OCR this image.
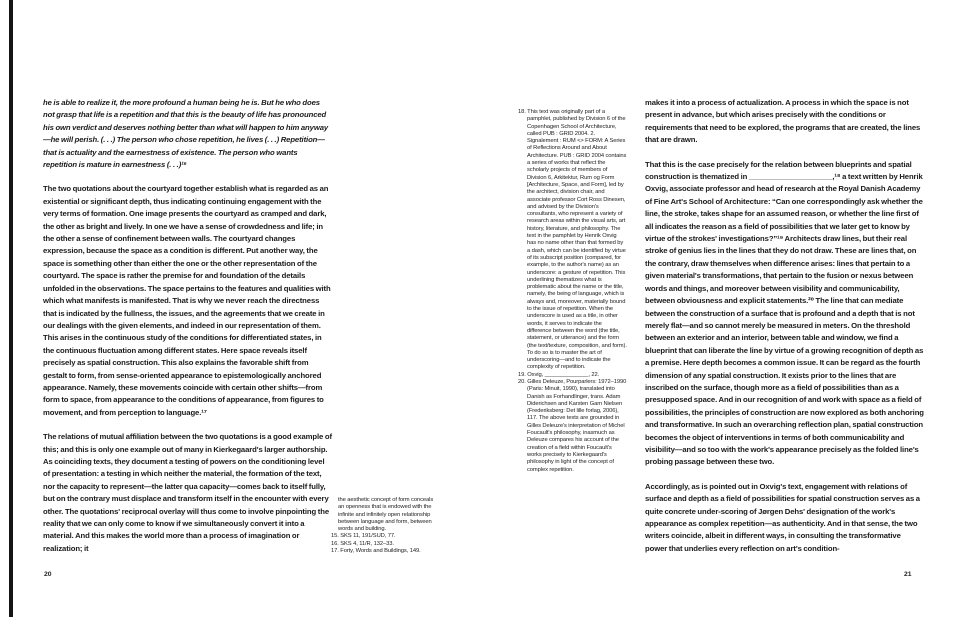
he is able to realize it, the more profound a human being he is. But he who does not grasp that life is a repetition and that this is the beauty of life has pronounced his own verdict and deserves nothing better than what will happen to him anyway—he will perish. (. . .) The person who chose repetition, he lives (. . .) Repetition—that is actuality and the earnestness of existence. The person who wants repetition is mature in earnestness (. . .)¹⁶

The two quotations about the courtyard together establish what is regarded as an existential or significant depth, thus indicating continuing engagement with the very terms of formation. One image presents the courtyard as cramped and dark, the other as bright and lively. In one we have a sense of crowdedness and life; in the other a sense of confinement between walls. The courtyard changes expression, because the space as a condition is different. Put another way, the space is something other than either the one or the other representation of the courtyard. The space is rather the premise for and foundation of the details unfolded in the observations. The space pertains to the features and qualities with which what manifests is manifested. That is why we never reach the directness that is indicated by the fullness, the issues, and the agreements that we create in our dealings with the given elements, and indeed in our representation of them. This arises in the continuous study of the conditions for differentiated states, in the continuous fluctuation among different states. Here space reveals itself precisely as spatial construction. This also explains the favorable shift from gestalt to form, from sense-oriented appearance to epistemologically anchored appearance. Namely, these movements coincide with certain other shifts—from form to space, from appearance to the conditions of appearance, from figures to movement, and from perception to language.¹⁷

The relations of mutual affiliation between the two quotations is a good example of this; and this is only one example out of many in Kierkegaard's larger authorship. As coinciding texts, they document a testing of powers on the conditioning level of presentation: a testing in which neither the material, the formation of the text, nor the capacity to represent—the latter qua capacity—comes back to itself fully, but on the contrary must displace and transform itself in the encounter with every other. The quotations' reciprocal overlay will thus come to involve pinpointing the reality that we can only come to know if we simultaneously convert it into a material. And this makes the world more than a process of imagination or realization; it

the aesthetic concept of form conceals an openness that is endowed with the infinite and infinitely open relationship between language and form, between words and building.

15. SKS 11, 191/SUD, 77.

16. SKS 4, 11/R, 132–33.

17. Forty, Words and Buildings, 149.

18. This text was originally part of a pamphlet, published by Division 6 of the Copenhagen School of Architecture, called PUB : GRID 2004. 2. Signalement : RUM <> FORM: A Series of Reflections Around and About Architecture. PUB : GRID 2004 contains a series of works that reflect the scholarly projects of members of Division 6, Arkitektur, Rum og Form [Architecture, Space, and Form], led by the architect, division chair, and associate professor Cort Ross Dinesen, and advised by the Division's consultants, who represent a variety of research areas within the visual arts, art history, literature, and philosophy. The text in the pamphlet by Henrik Oxvig has no name other than that formed by a dash, which can be identified by virtue of its subscript position (compared, for example, to the author's name) as an underscore: a gesture of repetition. This underlining thematizes what is problematic about the name or the title, namely, the being of language, which is always and, moreover, materially bound to the issue of repetition. When the underscore is used as a title, in other words, it serves to indicate the difference between the word (the title, statement, or utterance) and the form (the text/texture, composition, and form). To do so is to master the art of underscoring—and to indicate the complexity of repetition.

19. Oxvig, ______________, 22.

20. Gilles Deleuze, Pourparlers: 1972–1990 (Paris: Minuit, 1990), translated into Danish as Forhandlinger, trans. Adam Diderichsen and Karsten Gam Nielsen (Frederiksberg: Det lille forlag, 2006), 117. The above texts are grounded in Gilles Deleuze's interpretation of Michel Foucault's philosophy, inasmuch as Deleuze compares his account of the creation of a field within Foucault's works precisely to Kierkegaard's philosophy in light of the concept of complex repetition.

makes it into a process of actualization. A process in which the space is not present in advance, but which arises precisely with the conditions or requirements that need to be explored, the programs that are created, the lines that are drawn.

That this is the case precisely for the relation between blueprints and spatial construction is thematized in ____________________,¹⁸ a text written by Henrik Oxvig, associate professor and head of research at the Royal Danish Academy of Fine Art's School of Architecture: “Can one correspondingly ask whether the line, the stroke, takes shape for an assumed reason, or whether the line first of all indicates the reason as a field of possibilities that we later get to know by virtue of the strokes' investigations?”¹⁹ Architects draw lines, but their real stroke of genius lies in the lines that they do not draw. These are lines that, on the contrary, draw themselves when difference arises: lines that pertain to a given material's transformations, that pertain to the fusion or nexus between words and things, and moreover between visibility and communicability, between obviousness and explicit statements.²⁰ The line that can mediate between the construction of a surface that is profound and a depth that is not merely flat—and so cannot merely be measured in meters. On the threshold between an exterior and an interior, between table and window, we find a blueprint that can liberate the line by virtue of a growing recognition of depth as a premise. Here depth becomes a common issue. It can be regard as the fourth dimension of any spatial construction. It exists prior to the lines that are inscribed on the surface, though more as a field of possibilities than as a presupposed space. And in our recognition of and work with space as a field of possibilities, the principles of construction are now explored as both anchoring and transformative. In such an overarching reflection plan, spatial construction becomes the object of interventions in terms of both communicability and visibility—and so too with the work's appearance precisely as the folded line's probing passage between these two.

Accordingly, as is pointed out in Oxvig's text, engagement with relations of surface and depth as a field of possibilities for spatial construction serves as a quite concrete under-scoring of Jørgen Dehs' designation of the work's appearance as complex repetition—as authenticity. And in that sense, the two writers coincide, albeit in different ways, in consulting the transformative power that underlies every reflection on art's condition-

20	21
